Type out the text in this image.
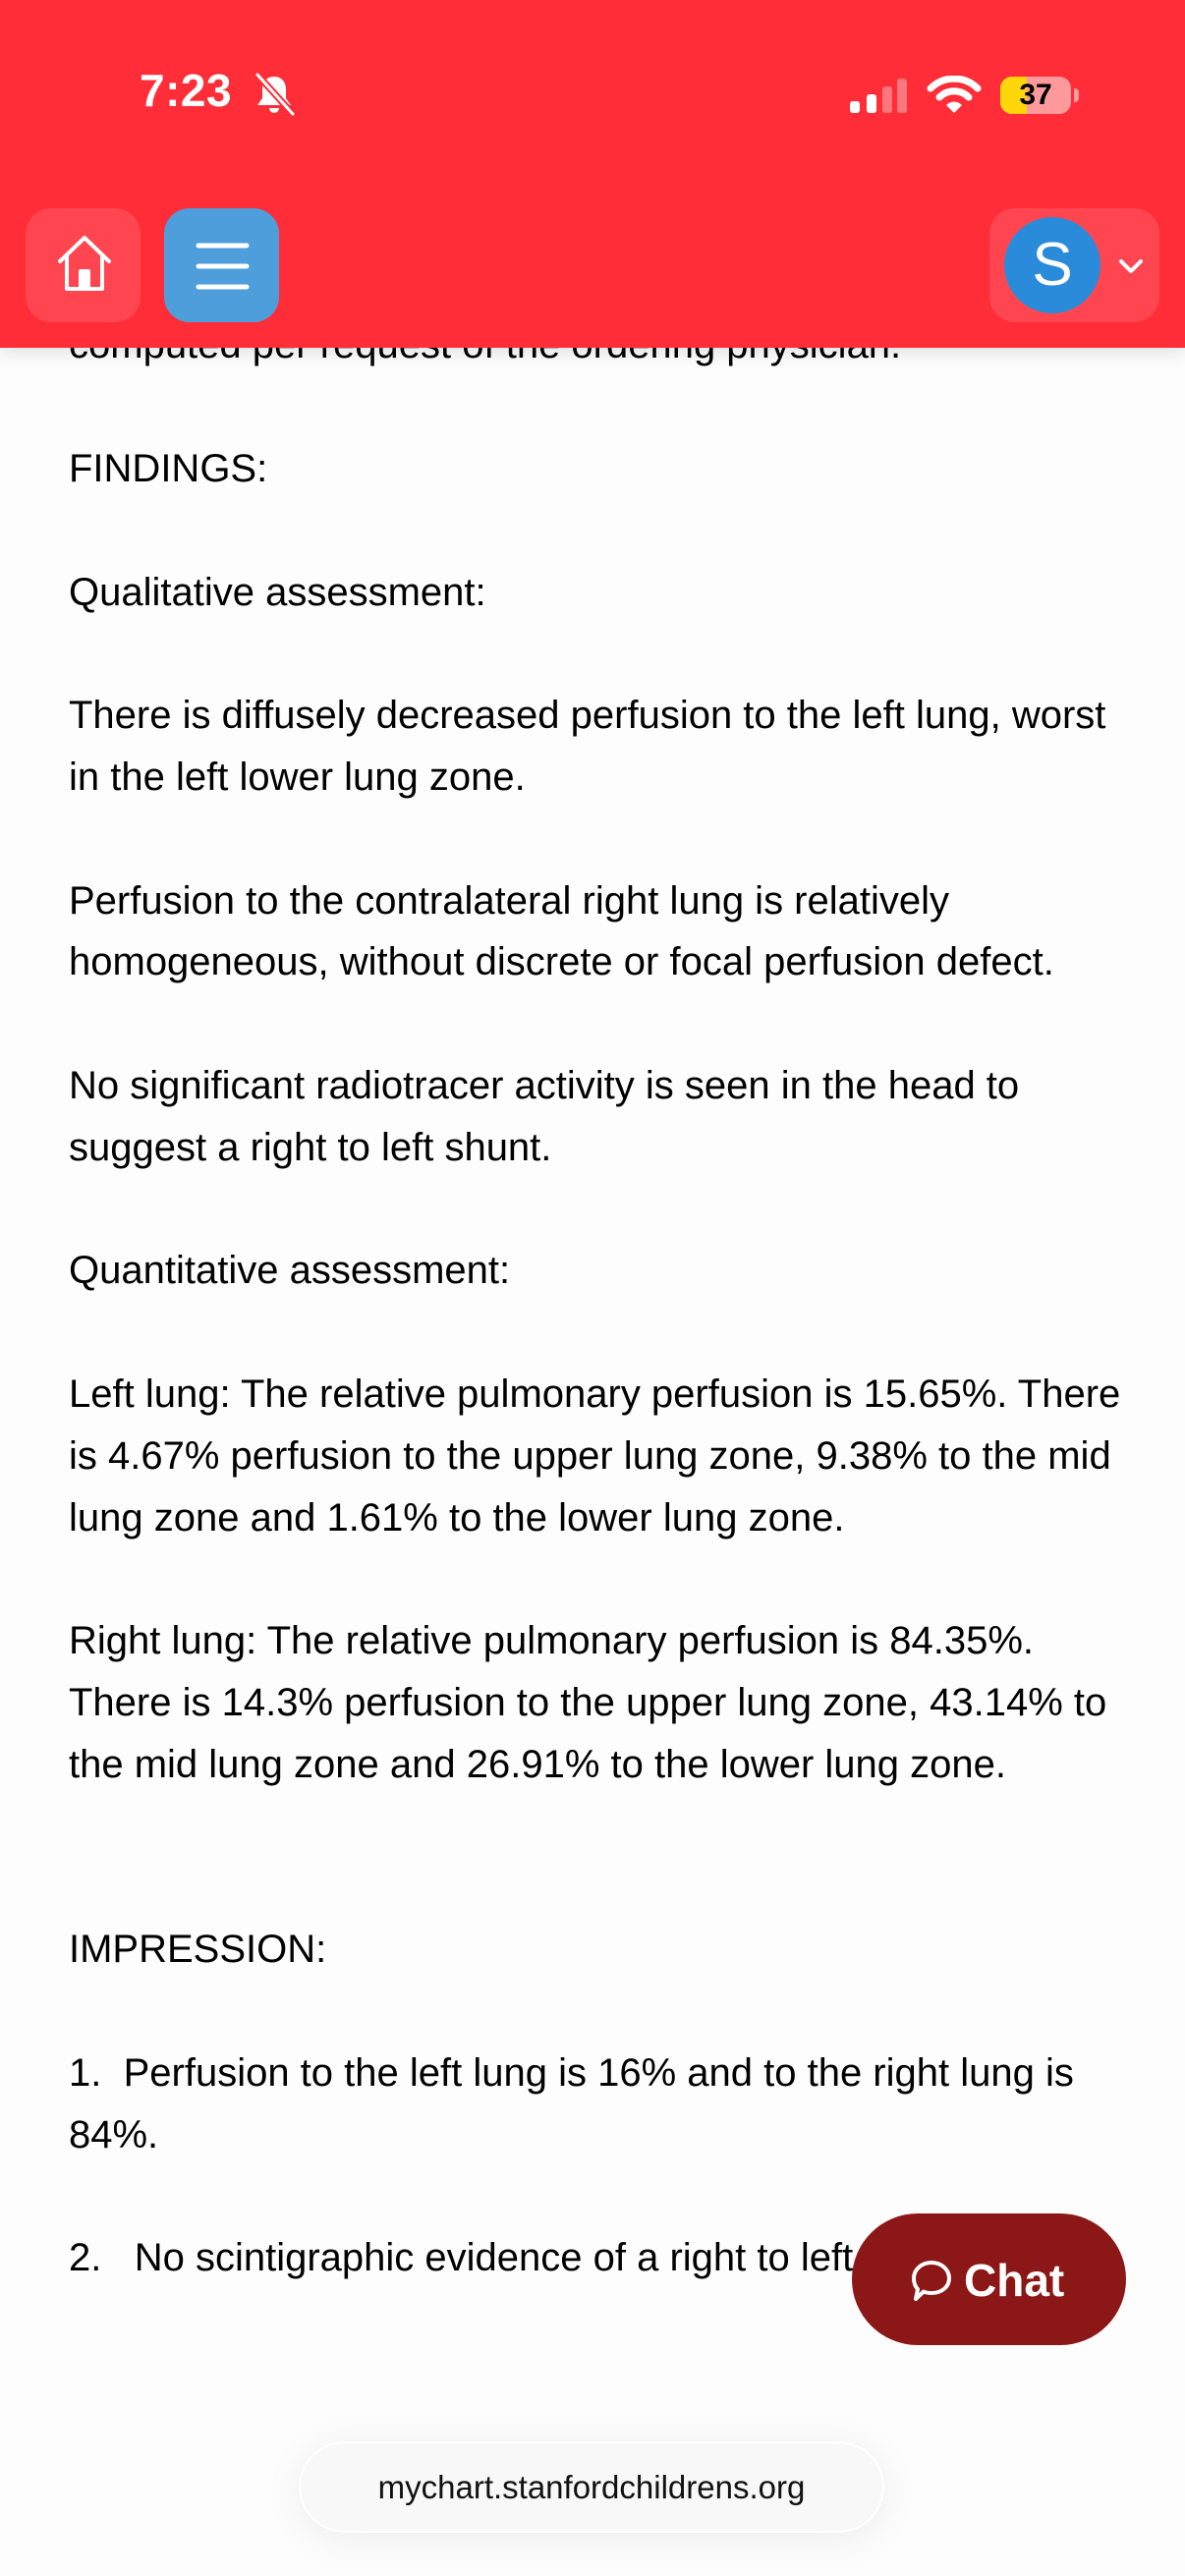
FINDINGS:
Qualitative assessment:
There is diffusely decreased perfusion to the left lung, worst
in the left lower lung zone.
Perfusion to the contralateral right lung is relatively
homogeneous, without discrete or focal perfusion defect.
No significant radiotracer activity is seen in the head to
suggest a right to left shunt.
Quantitative assessment:
Left lung: The relative pulmonary perfusion is 15.65%. There
is 4.67% perfusion to the upper lung zone, 9.38% to the mid
lung zone and 1.61% to the lower lung zone.
Right lung: The relative pulmonary perfusion is 84.35%.
There is 14.3% perfusion to the upper lung zone, 43.14% to
the mid lung zone and 26.91% to the lower lung zone.
IMPRESSION:
1.  Perfusion to the left lung is 16% and to the right lung is
84%.
2.   No scintigraphic evidence of a right to left
7:23	37
S
Chat
mychart.stanfordchildrens.org
